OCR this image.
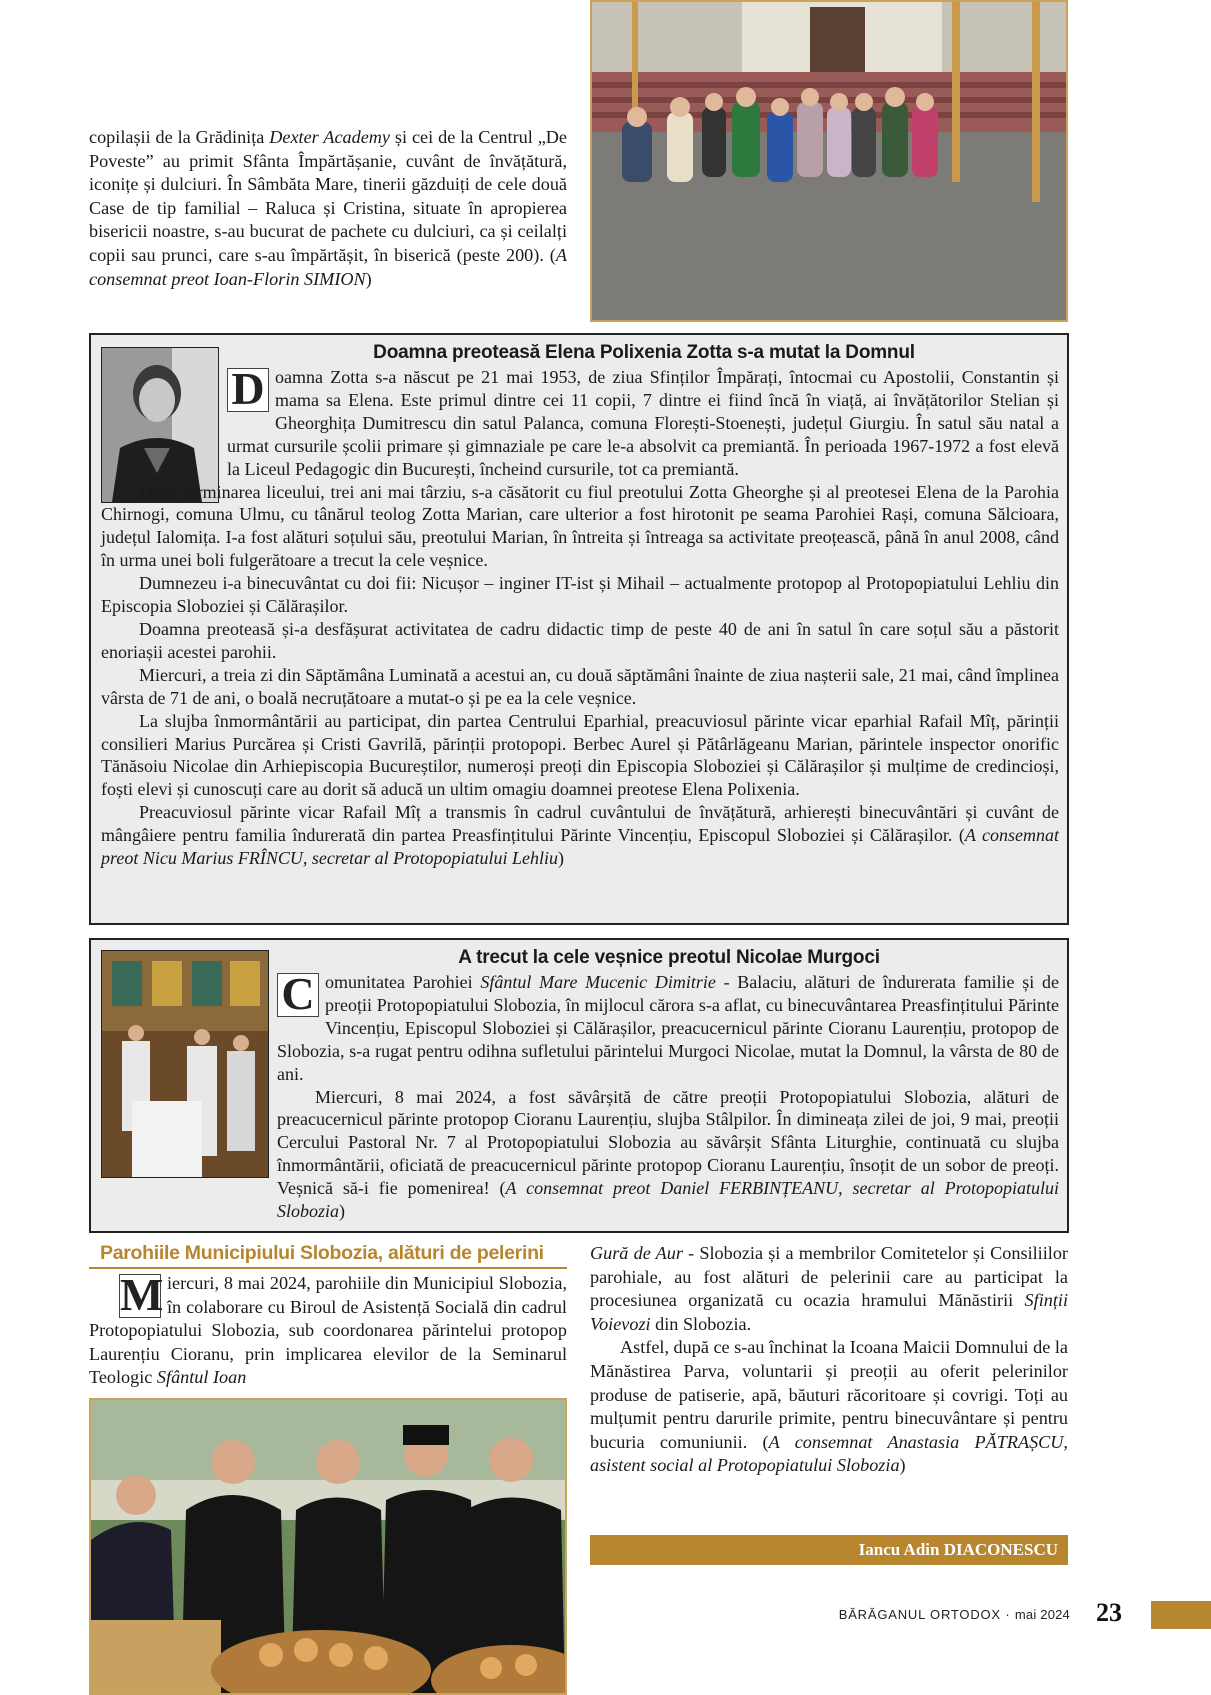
copilașii de la Grădinița Dexter Academy și cei de la Centrul „De Poveste” au primit Sfânta Împărtășanie, cuvânt de învățătură, iconițe și dulciuri. În Sâmbăta Mare, tinerii găzduiți de cele două Case de tip familial – Raluca și Cristina, situate în apropierea bisericii noastre, s-au bucurat de pachete cu dulciuri, ca și ceilalți copii sau prunci, care s-au împărtășit, în biserică (peste 200). (A consemnat preot Ioan-Florin SIMION)

Doamna preoteasă Elena Polixenia Zotta s-a mutat la Domnul

D oamna Zotta s-a născut pe 21 mai 1953, de ziua Sfinților Împărați, întocmai cu Apostolii, Constantin și mama sa Elena. Este primul dintre cei 11 copii, 7 dintre ei fiind încă în viață, ai învățătorilor Stelian și Gheorghița Dumitrescu din satul Palanca, comuna Florești-Stoenești, județul Giurgiu. În satul său natal a urmat cursurile școlii primare și gimnaziale pe care le-a absolvit ca premiantă. În perioada 1967-1972 a fost elevă la Liceul Pedagogic din București, încheind cursurile, tot ca premiantă.

După terminarea liceului, trei ani mai târziu, s-a căsătorit cu fiul preotului Zotta Gheorghe și al preotesei Elena de la Parohia Chirnogi, comuna Ulmu, cu tânărul teolog Zotta Marian, care ulterior a fost hirotonit pe seama Parohiei Rași, comuna Sălcioara, județul Ialomița. I-a fost alături soțului său, preotului Marian, în întreita și întreaga sa activitate preoțească, până în anul 2008, când în urma unei boli fulgerătoare a trecut la cele veșnice.

Dumnezeu i-a binecuvântat cu doi fii: Nicușor – inginer IT-ist și Mihail – actualmente protopop al Protopopiatului Lehliu din Episcopia Sloboziei și Călărașilor.

Doamna preoteasă și-a desfășurat activitatea de cadru didactic timp de peste 40 de ani în satul în care soțul său a păstorit enoriașii acestei parohii.

Miercuri, a treia zi din Săptămâna Luminată a acestui an, cu două săptămâni înainte de ziua nașterii sale, 21 mai, când împlinea vârsta de 71 de ani, o boală necruțătoare a mutat-o și pe ea la cele veșnice.

La slujba înmormântării au participat, din partea Centrului Eparhial, preacuviosul părinte vicar eparhial Rafail Mîț, părinții consilieri Marius Purcărea și Cristi Gavrilă, părinții protopopi. Berbec Aurel și Pătârlăgeanu Marian, părintele inspector onorific Tănăsoiu Nicolae din Arhiepiscopia Bucureștilor, numeroși preoți din Episcopia Sloboziei și Călărașilor și mulțime de credincioși, foști elevi și cunoscuți care au dorit să aducă un ultim omagiu doamnei preotese Elena Polixenia.

Preacuviosul părinte vicar Rafail Mîț a transmis în cadrul cuvântului de învățătură, arhierești binecuvântări și cuvânt de mângâiere pentru familia îndurerată din partea Preasfințitului Părinte Vincențiu, Episcopul Sloboziei și Călărașilor. (A consemnat preot Nicu Marius FRÎNCU, secretar al Protopopiatului Lehliu)

A trecut la cele veșnice preotul Nicolae Murgoci

C omunitatea Parohiei Sfântul Mare Mucenic Dimitrie - Balaciu, alături de îndurerata familie și de preoții Protopopiatului Slobozia, în mijlocul cărora s-a aflat, cu binecuvântarea Preasfințitului Părinte Vincențiu, Episcopul Sloboziei și Călărașilor, preacucernicul părinte Cioranu Laurențiu, protopop de Slobozia, s-a rugat pentru odihna sufletului părintelui Murgoci Nicolae, mutat la Domnul, la vârsta de 80 de ani.

Miercuri, 8 mai 2024, a fost săvârșită de către preoții Protopopiatului Slobozia, alături de preacucernicul părinte protopop Cioranu Laurențiu, slujba Stâlpilor. În dimineața zilei de joi, 9 mai, preoții Cercului Pastoral Nr. 7 al Protopopiatului Slobozia au săvârșit Sfânta Liturghie, continuată cu slujba înmormântării, oficiată de preacucernicul părinte protopop Cioranu Laurențiu, însoțit de un sobor de preoți. Veșnică să-i fie pomenirea! (A consemnat preot Daniel FERBINȚEANU, secretar al Protopopiatului Slobozia)

Parohiile Municipiului Slobozia, alături de pelerini

M iercuri, 8 mai 2024, parohiile din Municipiul Slobozia, în colaborare cu Biroul de Asistență Socială din cadrul Protopopiatului Slobozia, sub coordonarea părintelui protopop Laurențiu Cioranu, prin implicarea elevilor de la Seminarul Teologic Sfântul Ioan

Gură de Aur - Slobozia și a membrilor Comitetelor și Consiliilor parohiale, au fost alături de pelerinii care au participat la procesiunea organizată cu ocazia hramului Mănăstirii Sfinții Voievozi din Slobozia.

Astfel, după ce s-au închinat la Icoana Maicii Domnului de la Mănăstirea Parva, voluntarii și preoții au oferit pelerinilor produse de patiserie, apă, băuturi răcoritoare și covrigi. Toți au mulțumit pentru darurile primite, pentru binecuvântare și pentru bucuria comuniunii. (A consemnat Anastasia PĂTRAȘCU, asistent social al Protopopiatului Slobozia)

Iancu Adin DIACONESCU
BĂRĂGANUL ORTODOX · mai 2024 23
